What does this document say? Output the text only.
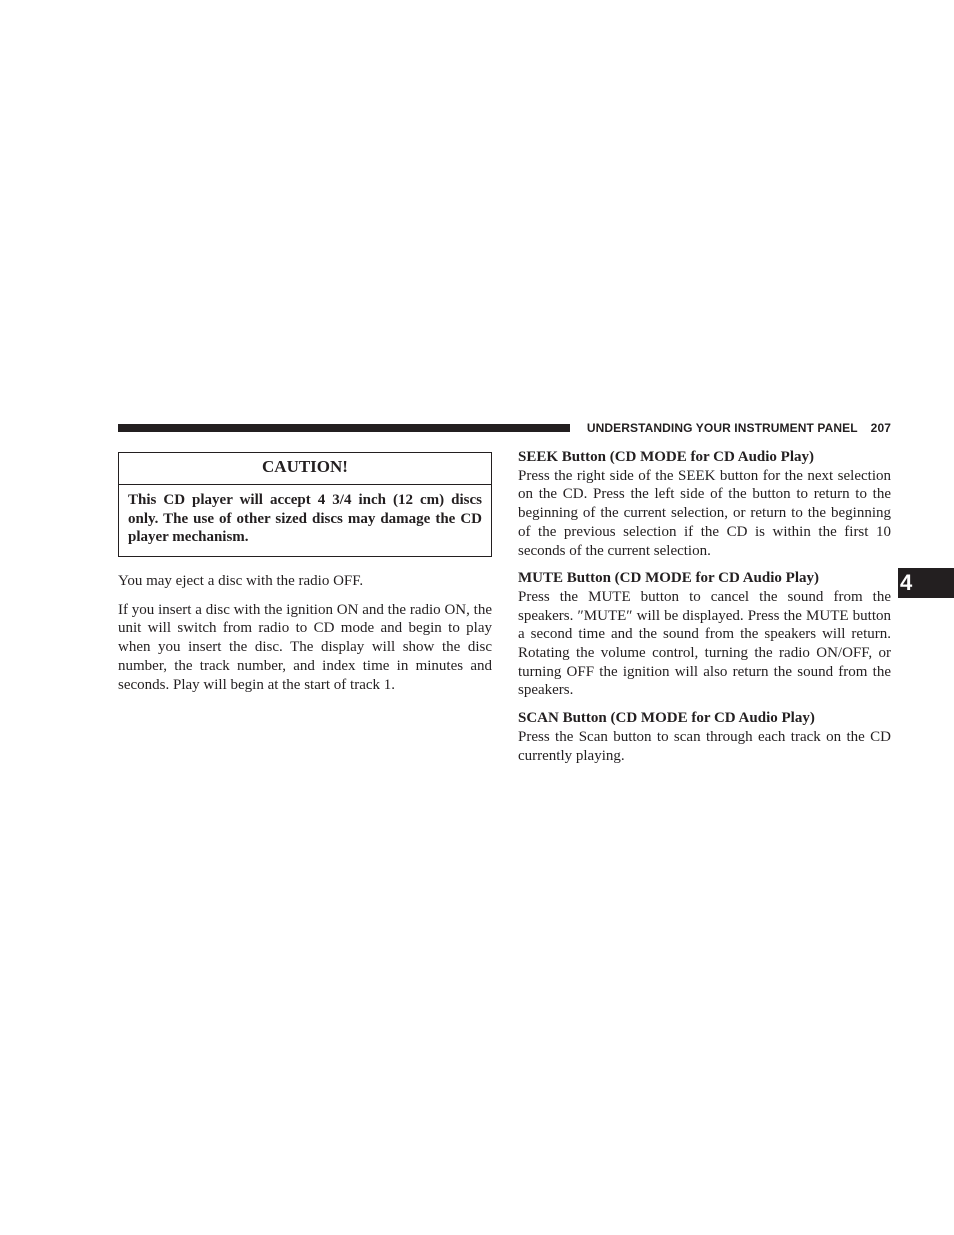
UNDERSTANDING YOUR INSTRUMENT PANEL 207
4
CAUTION!
This CD player will accept 4 3/4 inch (12 cm) discs only. The use of other sized discs may damage the CD player mechanism.

You may eject a disc with the radio OFF.

If you insert a disc with the ignition ON and the radio ON, the unit will switch from radio to CD mode and begin to play when you insert the disc. The display will show the disc number, the track number, and index time in minutes and seconds. Play will begin at the start of track 1.

SEEK Button (CD MODE for CD Audio Play)

Press the right side of the SEEK button for the next selection on the CD. Press the left side of the button to return to the beginning of the current selection, or return to the beginning of the previous selection if the CD is within the first 10 seconds of the current selection.

MUTE Button (CD MODE for CD Audio Play)

Press the MUTE button to cancel the sound from the speakers. ″MUTE″ will be displayed. Press the MUTE button a second time and the sound from the speakers will return. Rotating the volume control, turning the radio ON/OFF, or turning OFF the ignition will also return the sound from the speakers.

SCAN Button (CD MODE for CD Audio Play)

Press the Scan button to scan through each track on the CD currently playing.
